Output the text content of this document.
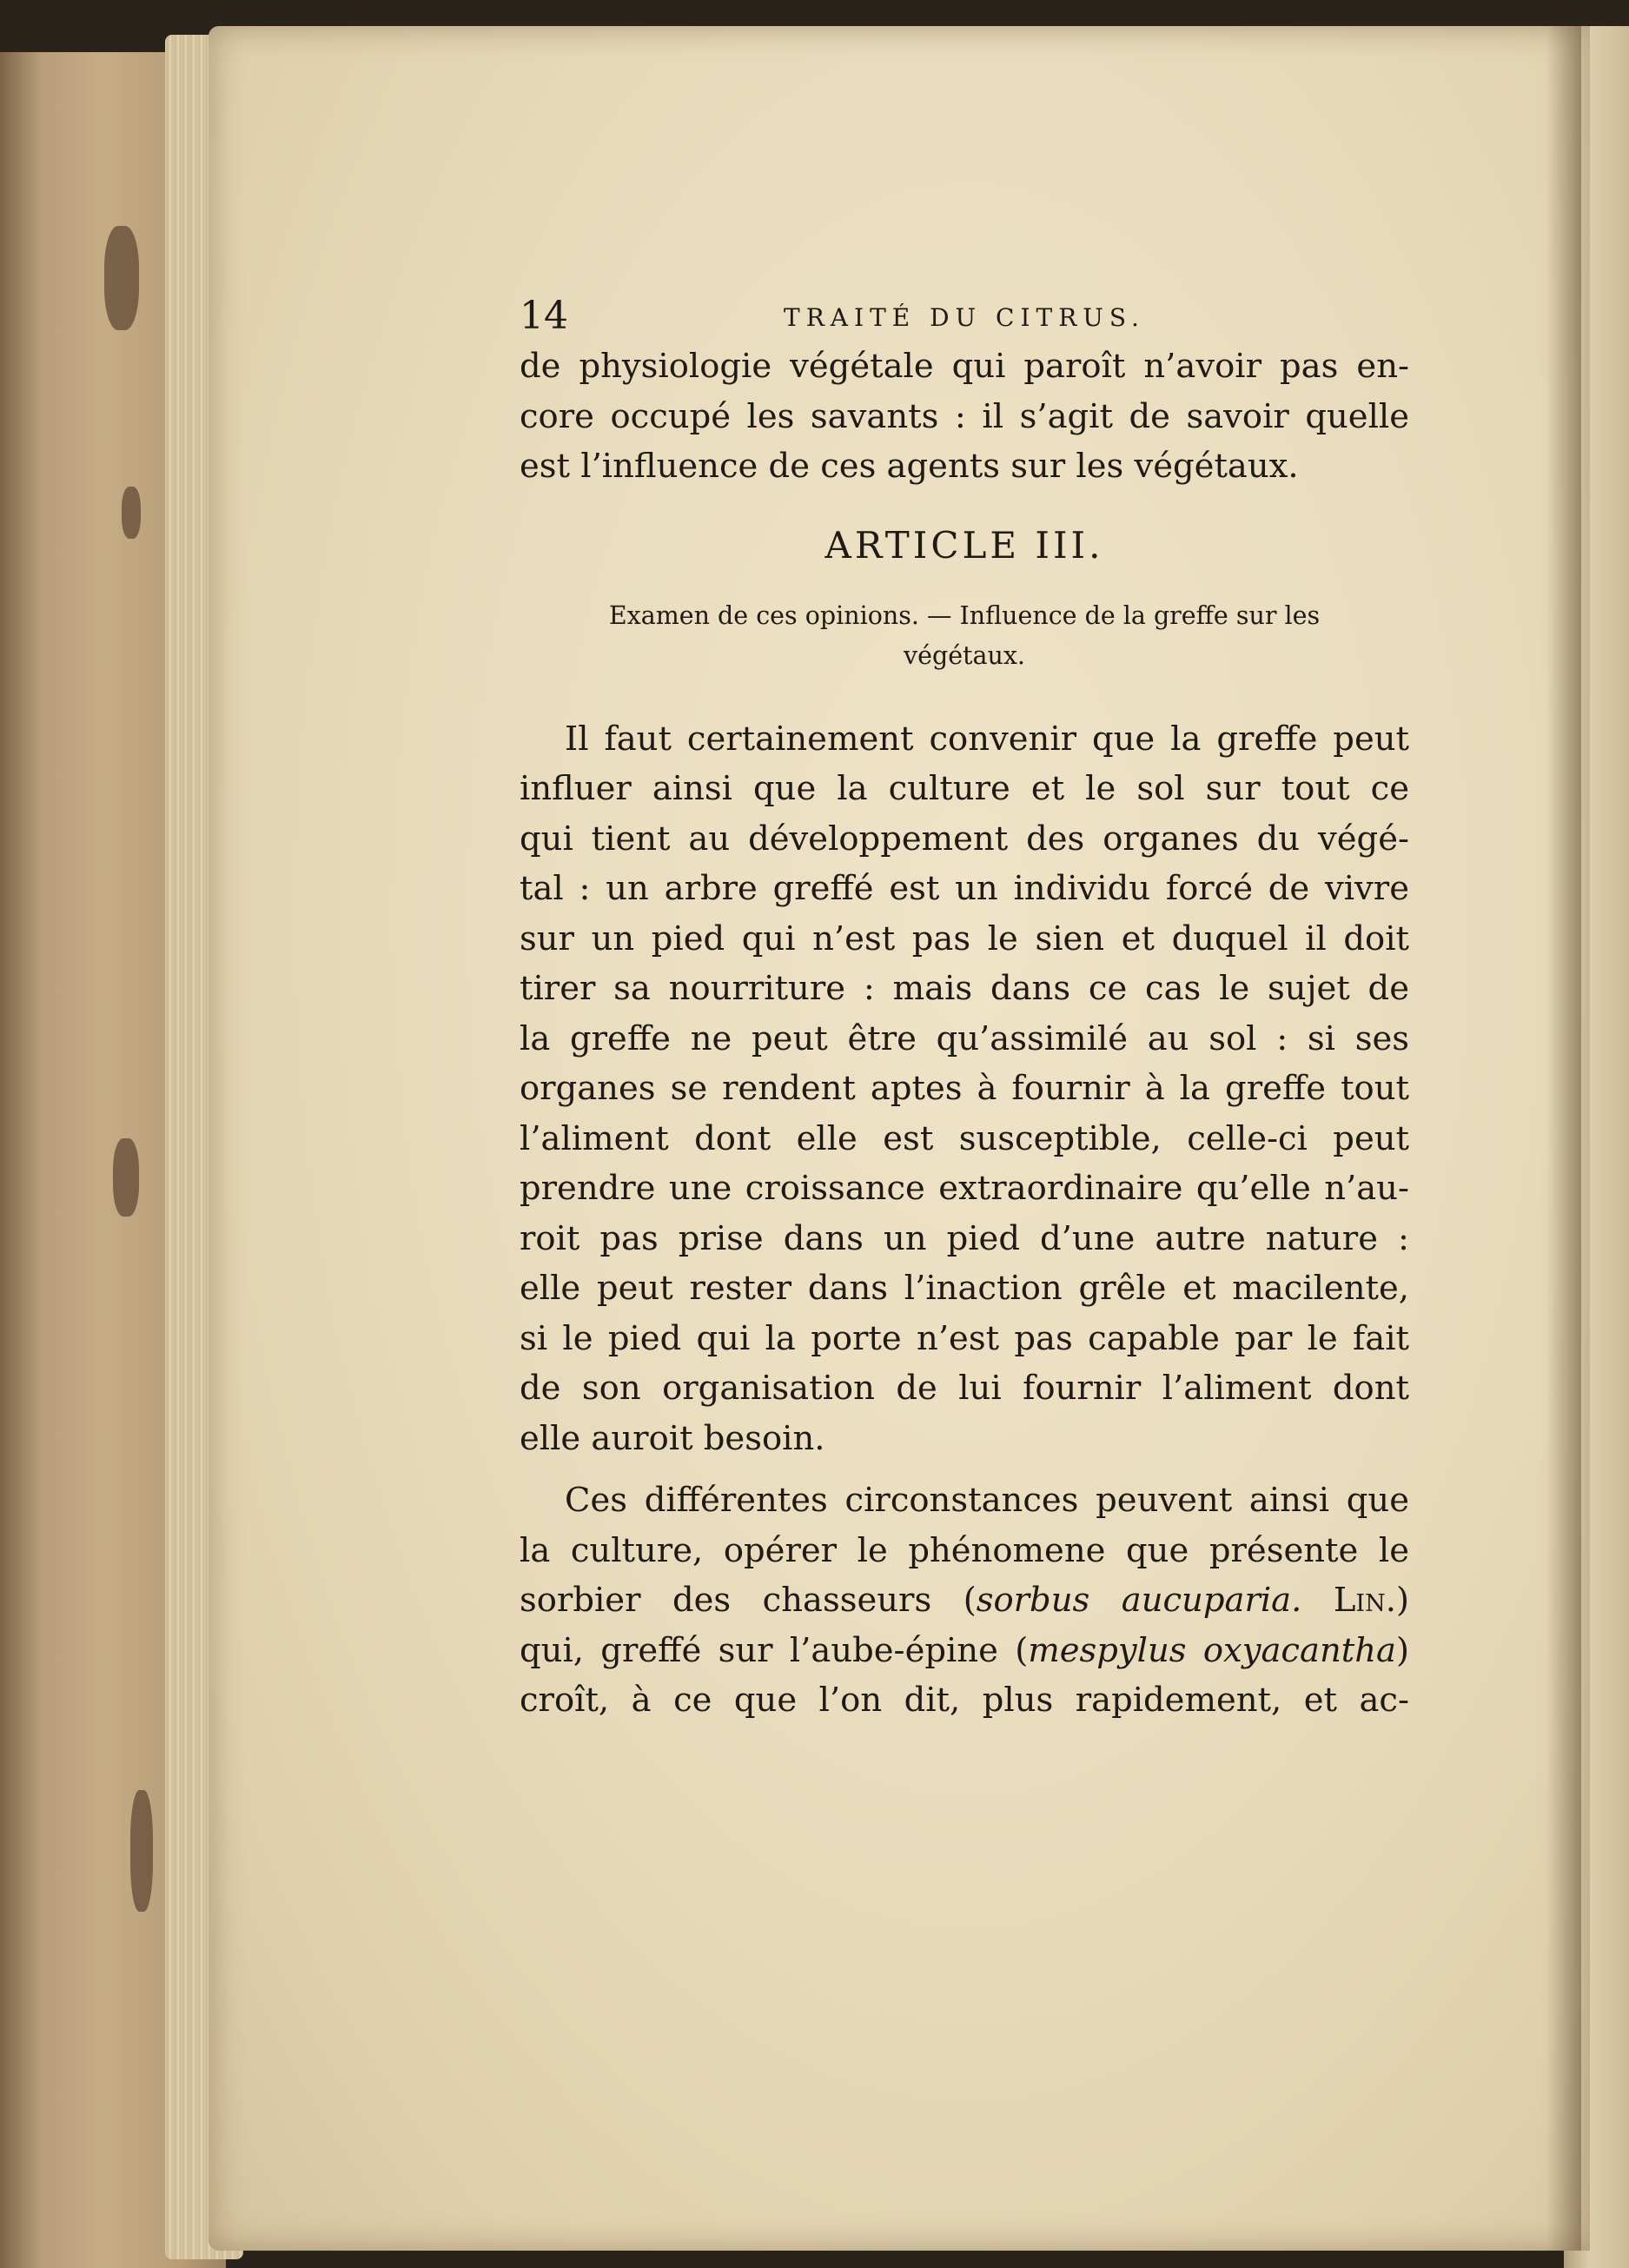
14	TRAITÉ DU CITRUS.
de physiologie végétale qui paroît n’avoir pas en-
core occupé les savants : il s’agit de savoir quelle
est l’influence de ces agents sur les végétaux.
ARTICLE III.
Examen de ces opinions. — Influence de la greffe sur les
végétaux.
Il faut certainement convenir que la greffe peut
influer ainsi que la culture et le sol sur tout ce
qui tient au développement des organes du végé-
tal : un arbre greffé est un individu forcé de vivre
sur un pied qui n’est pas le sien et duquel il doit
tirer sa nourriture : mais dans ce cas le sujet de
la greffe ne peut être qu’assimilé au sol : si ses
organes se rendent aptes à fournir à la greffe tout
l’aliment dont elle est susceptible, celle-ci peut
prendre une croissance extraordinaire qu’elle n’au-
roit pas prise dans un pied d’une autre nature :
elle peut rester dans l’inaction grêle et macilente,
si le pied qui la porte n’est pas capable par le fait
de son organisation de lui fournir l’aliment dont
elle auroit besoin.
Ces différentes circonstances peuvent ainsi que
la culture, opérer le phénomene que présente le
sorbier des chasseurs (sorbus aucuparia. Lin.)
qui, greffé sur l’aube-épine (mespylus oxyacantha)
croît, à ce que l’on dit, plus rapidement, et ac-
